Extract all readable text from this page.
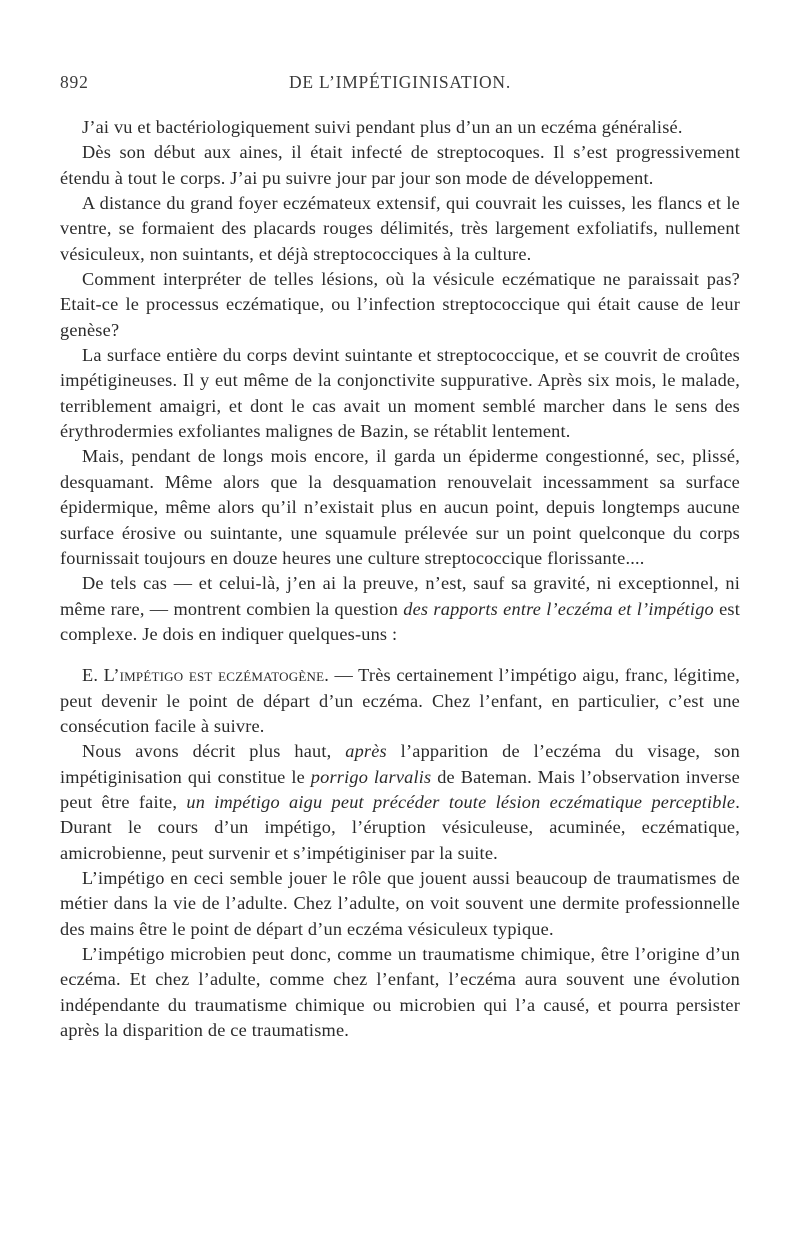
892	DE L’IMPÉTIGINISATION.

J’ai vu et bactériologiquement suivi pendant plus d’un an un eczéma généralisé.

Dès son début aux aines, il était infecté de streptocoques. Il s’est progressivement étendu à tout le corps. J’ai pu suivre jour par jour son mode de développement.

A distance du grand foyer eczémateux extensif, qui couvrait les cuisses, les flancs et le ventre, se formaient des placards rouges délimités, très largement exfoliatifs, nullement vésiculeux, non suintants, et déjà streptococciques à la culture.

Comment interpréter de telles lésions, où la vésicule eczématique ne paraissait pas? Etait-ce le processus eczématique, ou l’infection streptococcique qui était cause de leur genèse?

La surface entière du corps devint suintante et streptococcique, et se couvrit de croûtes impétigineuses. Il y eut même de la conjonctivite suppurative. Après six mois, le malade, terriblement amaigri, et dont le cas avait un moment semblé marcher dans le sens des érythrodermies exfoliantes malignes de Bazin, se rétablit lentement.

Mais, pendant de longs mois encore, il garda un épiderme congestionné, sec, plissé, desquamant. Même alors que la desquamation renouvelait incessamment sa surface épidermique, même alors qu’il n’existait plus en aucun point, depuis longtemps aucune surface érosive ou suintante, une squamule prélevée sur un point quelconque du corps fournissait toujours en douze heures une culture streptococcique florissante....

De tels cas — et celui-là, j’en ai la preuve, n’est, sauf sa gravité, ni exceptionnel, ni même rare, — montrent combien la question des rapports entre l’eczéma et l’impétigo est complexe. Je dois en indiquer quelques-uns :

E. L’impétigo est eczématogène. — Très certainement l’impétigo aigu, franc, légitime, peut devenir le point de départ d’un eczéma. Chez l’enfant, en particulier, c’est une consécution facile à suivre.

Nous avons décrit plus haut, après l’apparition de l’eczéma du visage, son impétiginisation qui constitue le porrigo larvalis de Bateman. Mais l’observation inverse peut être faite, un impétigo aigu peut précéder toute lésion eczématique perceptible. Durant le cours d’un impétigo, l’éruption vésiculeuse, acuminée, eczématique, amicrobienne, peut survenir et s’impétiginiser par la suite.

L’impétigo en ceci semble jouer le rôle que jouent aussi beaucoup de traumatismes de métier dans la vie de l’adulte. Chez l’adulte, on voit souvent une dermite professionnelle des mains être le point de départ d’un eczéma vésiculeux typique.

L’impétigo microbien peut donc, comme un traumatisme chimique, être l’origine d’un eczéma. Et chez l’adulte, comme chez l’enfant, l’eczéma aura souvent une évolution indépendante du traumatisme chimique ou microbien qui l’a causé, et pourra persister après la disparition de ce traumatisme.
